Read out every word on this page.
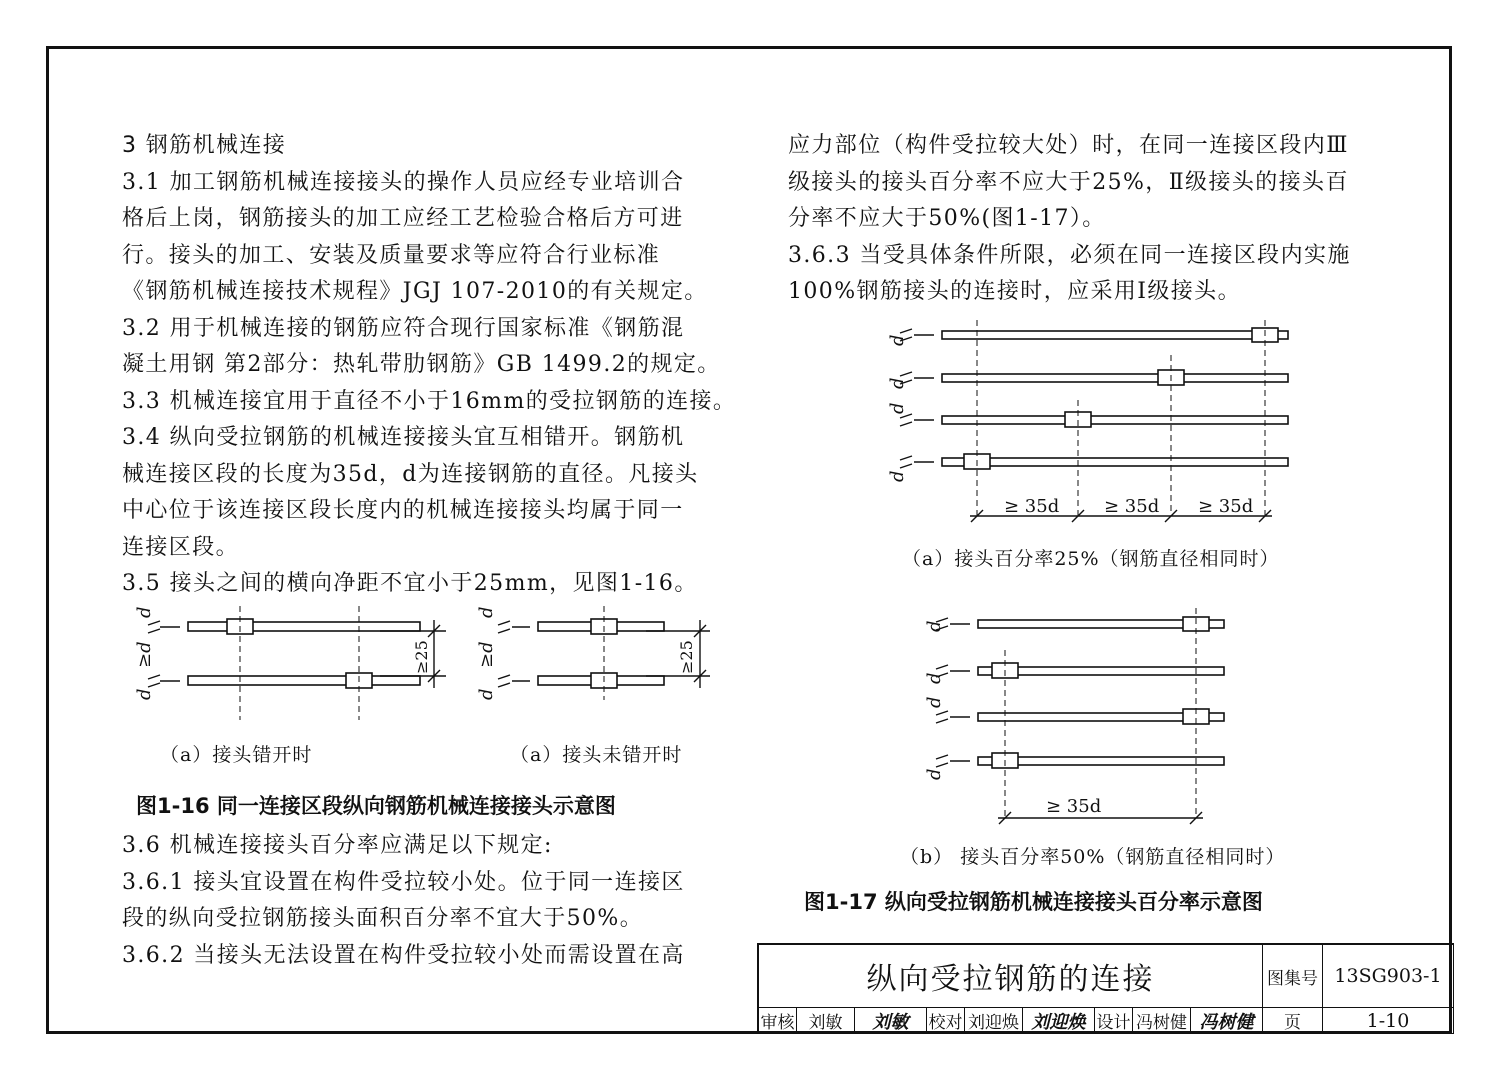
3 钢筋机械连接

3.1 加工钢筋机械连接接头的操作人员应经专业培训合

格后上岗，钢筋接头的加工应经工艺检验合格后方可进

行。接头的加工、安装及质量要求等应符合行业标准

《钢筋机械连接技术规程》JGJ 107-2010的有关规定。

3.2 用于机械连接的钢筋应符合现行国家标准《钢筋混

凝土用钢 第2部分：热轧带肋钢筋》GB 1499.2的规定。

3.3 机械连接宜用于直径不小于16mm的受拉钢筋的连接。

3.4 纵向受拉钢筋的机械连接接头宜互相错开。钢筋机

械连接区段的长度为35d，d为连接钢筋的直径。凡接头

中心位于该连接区段长度内的机械连接接头均属于同一

连接区段。

3.5 接头之间的横向净距不宜小于25mm，见图1-16。

d
≥d
d
d
≥d
d
≥25	≥25
（a）接头错开时	（a）接头未错开时
图1-16 同一连接区段纵向钢筋机械连接接头示意图

3.6 机械连接接头百分率应满足以下规定:

3.6.1 接头宜设置在构件受拉较小处。位于同一连接区

段的纵向受拉钢筋接头面积百分率不宜大于50%。

3.6.2 当接头无法设置在构件受拉较小处而需设置在高

应力部位（构件受拉较大处）时，在同一连接区段内Ⅲ

级接头的接头百分率不应大于25%，Ⅱ级接头的接头百

分率不应大于50%(图1-17）。

3.6.3 当受具体条件所限，必须在同一连接区段内实施

100%钢筋接头的连接时，应采用Ⅰ级接头。

d
d
d
d
≥ 35d ≥ 35d ≥ 35d
d
d
d
d
≥ 35d
（a）接头百分率25%（钢筋直径相同时）
（b） 接头百分率50%（钢筋直径相同时）
图1-17 纵向受拉钢筋机械连接接头百分率示意图
纵向受拉钢筋的连接	图集号 13SG903-1
审核 刘敏	刘敏	校对 刘迎焕 刘迎焕 设计 冯树健 冯树健	页	1-10
